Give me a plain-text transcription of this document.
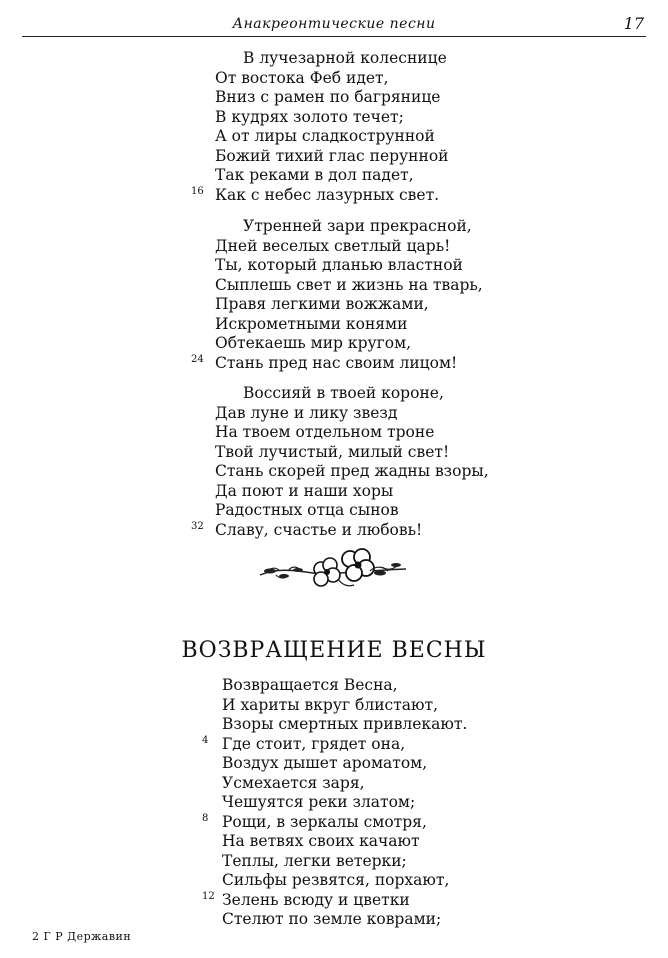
Анакреонтические песни	17
В лучезарной колеснице
От востока Феб идет,
Вниз с рамен по багрянице
В кудрях золото течет;
А от лиры сладкострунной
Божий тихий глас перунной
Так реками в дол падет,
16 Как с небес лазурных свет.
Утренней зари прекрасной,
Дней веселых светлый царь!
Ты, который дланью властной
Сыплешь свет и жизнь на тварь,
Правя легкими вожжами,
Искрометными конями
Обтекаешь мир кругом,
24 Стань пред нас своим лицом!
Воссияй в твоей короне,
Дав луне и лику звезд
На твоем отдельном троне
Твой лучистый, милый свет!
Стань скорей пред жадны взоры,
Да поют и наши хоры
Радостных отца сынов
32 Славу, счастье и любовь!
ВОЗВРАЩЕНИЕ ВЕСНЫ
Возвращается Весна,
И хариты вкруг блистают,
Взоры смертных привлекают.
4 Где стоит, грядет она,
Воздух дышет ароматом,
Усмехается заря,
Чешуятся реки златом;
8 Рощи, в зеркалы смотря,
На ветвях своих качают
Теплы, легки ветерки;
Сильфы резвятся, порхают,
12 Зелень всюду и цветки
Стелют по земле коврами;
2 Г Р Державин
